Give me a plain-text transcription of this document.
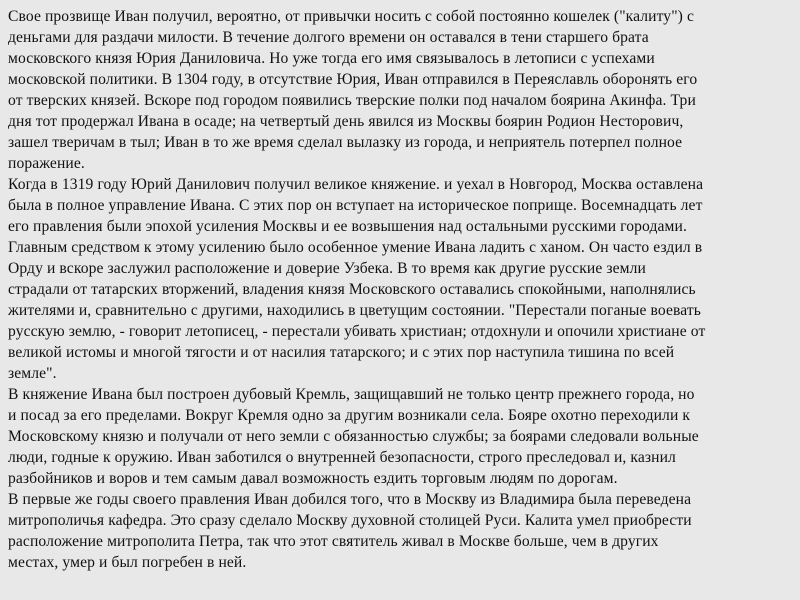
Свое прозвище Иван получил, вероятно, от привычки носить с собой постоянно кошелек ("калиту") с
деньгами для раздачи милости. В течение долгого времени он оставался в тени старшего брата
московского князя Юрия Даниловича. Но уже тогда его имя связывалось в летописи с успехами
московской политики. В 1304 году, в отсутствие Юрия, Иван отправился в Переяславль оборонять его
от тверских князей. Вскоре под городом появились тверские полки под началом боярина Акинфа. Три
дня тот продержал Ивана в осаде; на четвертый день явился из Москвы боярин Родион Несторович,
зашел тверичам в тыл; Иван в то же время сделал вылазку из города, и неприятель потерпел полное
поражение.
Когда в 1319 году Юрий Данилович получил великое княжение. и уехал в Новгород, Москва оставлена
была в полное управление Ивана. С этих пор он вступает на историческое поприще. Восемнадцать лет
его правления были эпохой усиления Москвы и ее возвышения над остальными русскими городами.
Главным средством к этому усилению было особенное умение Ивана ладить с ханом. Он часто ездил в
Орду и вскоре заслужил расположение и доверие Узбека. В то время как другие русские земли
страдали от татарских вторжений, владения князя Московского оставались спокойными, наполнялись
жителями и, сравнительно с другими, находились в цветущим состоянии. "Перестали поганые воевать
русскую землю, - говорит летописец, - перестали убивать христиан; отдохнули и опочили христиане от
великой истомы и многой тягости и от насилия татарского; и с этих пор наступила тишина по всей
земле".
В княжение Ивана был построен дубовый Кремль, защищавший не только центр прежнего города, но
и посад за его пределами. Вокруг Кремля одно за другим возникали села. Бояре охотно переходили к
Московскому князю и получали от него земли с обязанностью службы; за боярами следовали вольные
люди, годные к оружию. Иван заботился о внутренней безопасности, строго преследовал и, казнил
разбойников и воров и тем самым давал возможность ездить торговым людям по дорогам.
В первые же годы своего правления Иван добился того, что в Москву из Владимира была переведена
митрополичья кафедра. Это сразу сделало Москву духовной столицей Руси. Калита умел приобрести
расположение митрополита Петра, так что этот святитель живал в Москве больше, чем в других
местах, умер и был погребен в ней.
